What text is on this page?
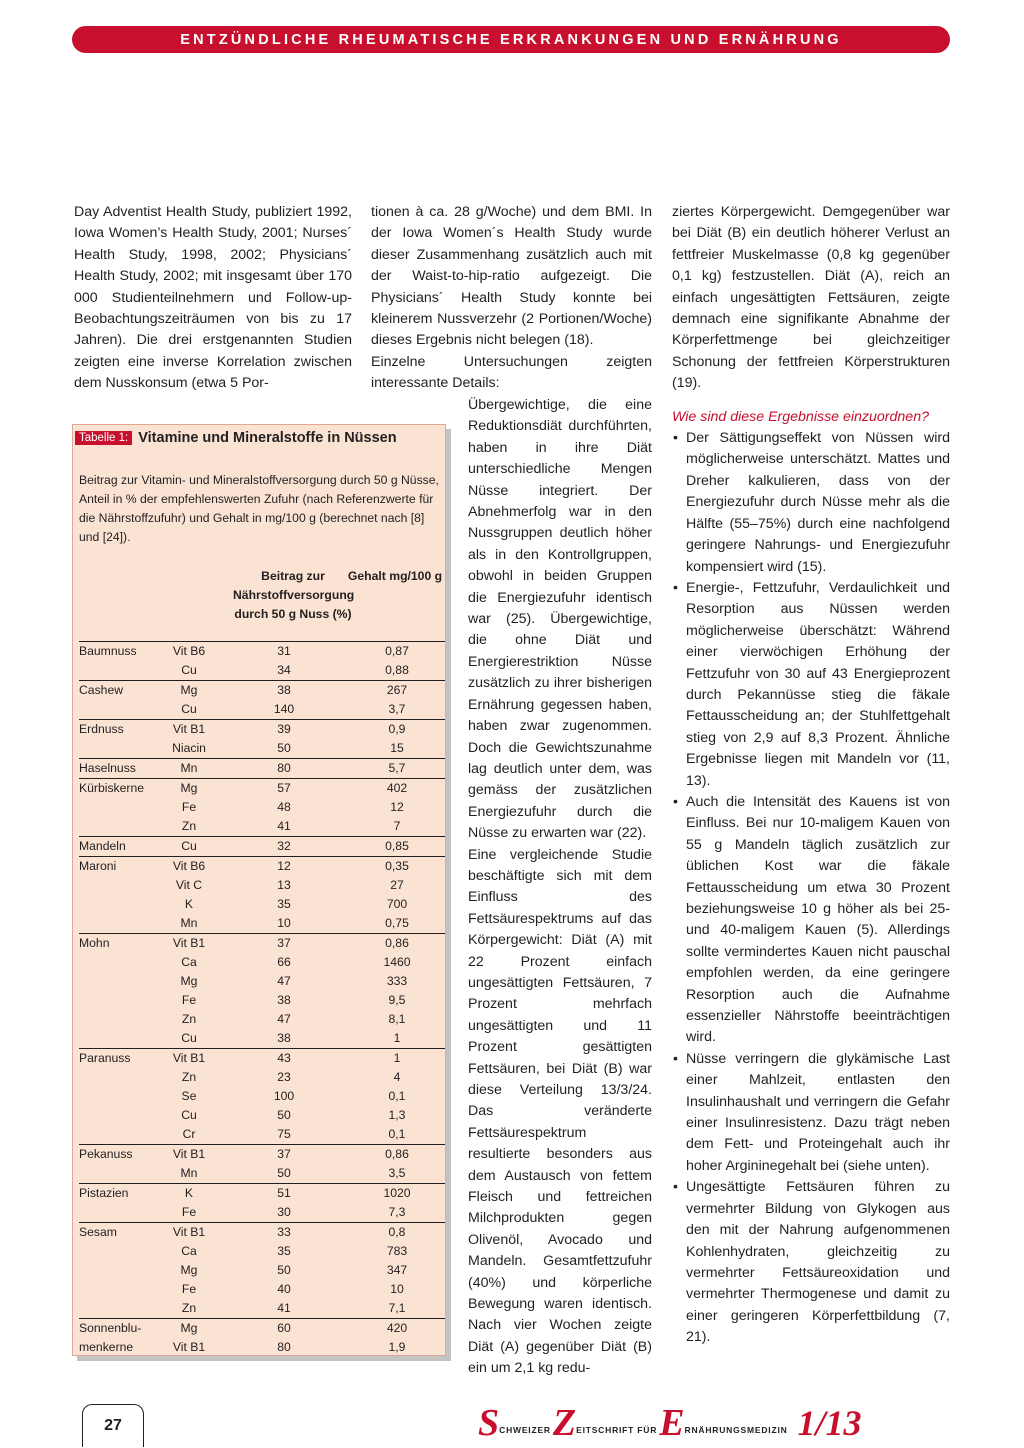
ENTZÜNDLICHE RHEUMATISCHE ERKRANKUNGEN UND ERNÄHRUNG

Day Adventist Health Study, publiziert 1992, Iowa Women’s Health Study, 2001; Nurses´ Health Study, 1998, 2002; Physicians´ Health Study, 2002; mit insgesamt über 170 000 Studienteilnehmern und Follow-up-Beobachtungszeiträumen von bis zu 17 Jahren). Die drei erstgenannten Studien zeigten eine inverse Korrelation zwischen dem Nusskonsum (etwa 5 Por-

tionen à ca. 28 g/Woche) und dem BMI. In der Iowa Women´s Health Study wurde dieser Zusammenhang zusätzlich auch mit der Waist-to-hip-ratio aufgezeigt. Die Physicians´ Health Study konnte bei kleinerem Nussverzehr (2 Portionen/Woche) dieses Ergebnis nicht belegen (18).

Einzelne Untersuchungen zeigten interessante Details:

Übergewichtige, die eine Reduktionsdiät durchführten, haben in ihre Diät unterschiedliche Mengen Nüsse integriert. Der Abnehmerfolg war in den Nussgruppen deutlich höher als in den Kontrollgruppen, obwohl in beiden Gruppen die Energiezufuhr identisch war (25). Übergewichtige, die ohne Diät und Energierestriktion Nüsse zusätzlich zu ihrer bisherigen Ernährung gegessen haben, haben zwar zugenommen. Doch die Gewichtszunahme lag deutlich unter dem, was gemäss der zusätzlichen Energiezufuhr durch die Nüsse zu erwarten war (22).

Eine vergleichende Studie beschäftigte sich mit dem Einfluss des Fettsäurespektrums auf das Körpergewicht: Diät (A) mit 22 Prozent einfach ungesättigten Fettsäuren, 7 Prozent mehrfach ungesättigten und 11 Prozent gesättigten Fettsäuren, bei Diät (B) war diese Verteilung 13/3/24. Das veränderte Fettsäurespektrum resultierte besonders aus dem Austausch von fettem Fleisch und fettreichen Milchprodukten gegen Olivenöl, Avocado und Mandeln. Gesamtfettzufuhr (40%) und körperliche Bewegung waren identisch. Nach vier Wochen zeigte Diät (A) gegenüber Diät (B) ein um 2,1 kg redu-

ziertes Körpergewicht. Demgegenüber war bei Diät (B) ein deutlich höherer Verlust an fettfreier Muskelmasse (0,8 kg gegenüber 0,1 kg) festzustellen. Diät (A), reich an einfach ungesättigten Fettsäuren, zeigte demnach eine signifikante Abnahme der Körperfettmenge bei gleichzeitiger Schonung der fettfreien Körperstrukturen (19).

Wie sind diese Ergebnisse einzuordnen?

• Der Sättigungseffekt von Nüssen wird möglicherweise unterschätzt. Mattes und Dreher kalkulieren, dass von der Energiezufuhr durch Nüsse mehr als die Hälfte (55–75%) durch eine nachfolgend geringere Nahrungs- und Energiezufuhr kompensiert wird (15).
• Energie-, Fettzufuhr, Verdaulichkeit und Resorption aus Nüssen werden möglicherweise überschätzt: Während einer vierwöchigen Erhöhung der Fettzufuhr von 30 auf 43 Energieprozent durch Pekannüsse stieg die fäkale Fettausscheidung an; der Stuhlfettgehalt stieg von 2,9 auf 8,3 Prozent. Ähnliche Ergebnisse liegen mit Mandeln vor (11, 13).
• Auch die Intensität des Kauens ist von Einfluss. Bei nur 10-maligem Kauen von 55 g Mandeln täglich zusätzlich zur üblichen Kost war die fäkale Fettausscheidung um etwa 30 Prozent beziehungsweise 10 g höher als bei 25- und 40-maligem Kauen (5). Allerdings sollte vermindertes Kauen nicht pauschal empfohlen werden, da eine geringere Resorption auch die Aufnahme essenzieller Nährstoffe beeinträchtigen wird.
• Nüsse verringern die glykämische Last einer Mahlzeit, entlasten den Insulinhaushalt und verringern die Gefahr einer Insulinresistenz. Dazu trägt neben dem Fett- und Proteingehalt auch ihr hoher Argininegehalt bei (siehe unten).
• Ungesättigte Fettsäuren führen zu vermehrter Bildung von Glykogen aus den mit der Nahrung aufgenommenen Kohlenhydraten, gleichzeitig zu vermehrter Fettsäureoxidation und vermehrter Thermogenese und damit zu einer geringeren Körperfettbildung (7, 21).
Tabelle 1: Vitamine und Mineralstoffe in Nüssen
Beitrag zur Vitamin- und Mineralstoffversorgung durch 50 g Nüsse, Anteil in % der empfehlenswerten Zufuhr (nach Referenzwerte für die Nährstoffzufuhr) und Gehalt in mg/100 g (berechnet nach [8] und [24]).
Beitrag zur Nährstoffversorgung durch 50 g Nuss (%)
Gehalt mg/100 g
Baumnuss	Vit B6	31	0,87
Cu	34	0,88
Cashew	Mg	38	267
Cu	140	3,7
Erdnuss	Vit B1	39	0,9
Niacin	50	15
Haselnuss	Mn	80	5,7
Kürbiskerne	Mg	57	402
Fe	48	12
Zn	41	7
Mandeln	Cu	32	0,85
Maroni	Vit B6	12	0,35
Vit C	13	27
K	35	700
Mn	10	0,75
Mohn	Vit B1	37	0,86
Ca	66	1460
Mg	47	333
Fe	38	9,5
Zn	47	8,1
Cu	38	1
Paranuss	Vit B1	43	1
Zn	23	4
Se	100	0,1
Cu	50	1,3
Cr	75	0,1
Pekanuss	Vit B1	37	0,86
Mn	50	3,5
Pistazien	K	51	1020
Fe	30	7,3
Sesam	Vit B1	33	0,8
Ca	35	783
Mg	50	347
Fe	40	10
Zn	41	7,1
Sonnenblu-	Mg	60	420
menkerne	Vit B1	80	1,9
27	S CHWEIZER Z EITSCHRIFT FÜR E RNÄHRUNGSMEDIZIN 1/13
